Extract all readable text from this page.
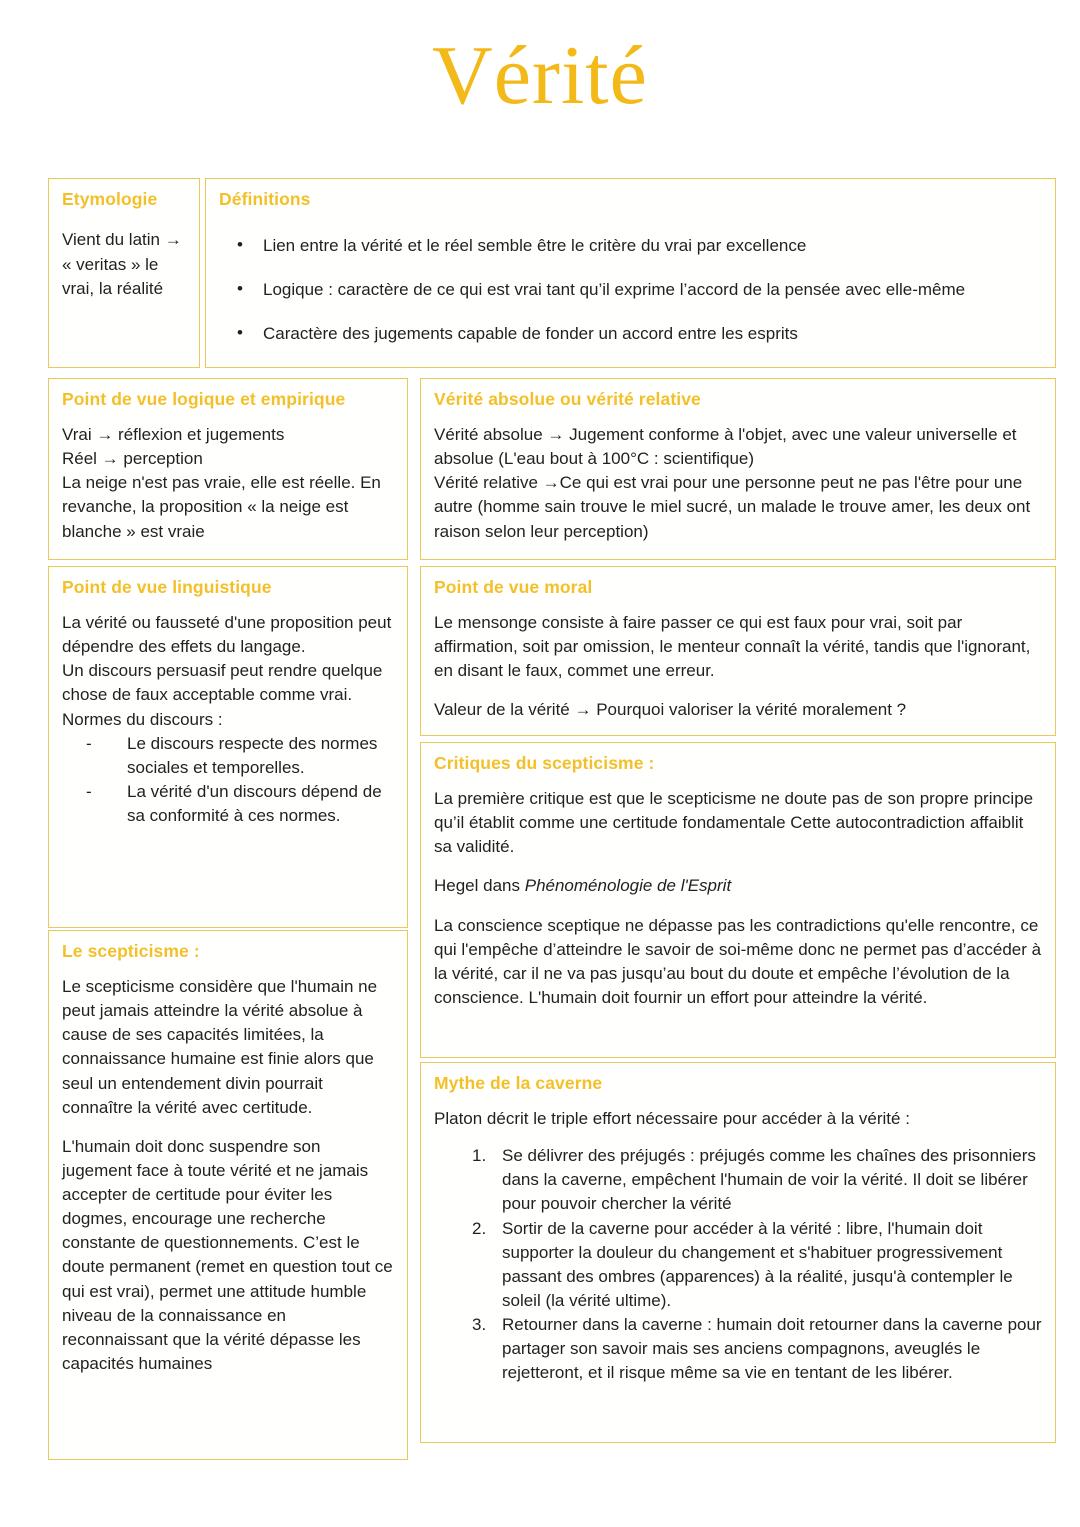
Vérité
Etymologie
Vient du latin → « veritas » le vrai, la réalité
Définitions
• Lien entre la vérité et le réel semble être le critère du vrai par excellence
• Logique : caractère de ce qui est vrai tant qu’il exprime l’accord de la pensée avec elle-même
• Caractère des jugements capable de fonder un accord entre les esprits
Point de vue logique et empirique
Vrai → réflexion et jugements
Réel → perception
La neige n'est pas vraie, elle est réelle. En revanche, la proposition « la neige est blanche » est vraie
Point de vue linguistique
La vérité ou fausseté d'une proposition peut dépendre des effets du langage.
Un discours persuasif peut rendre quelque chose de faux acceptable comme vrai.
Normes du discours :
- Le discours respecte des normes sociales et temporelles.
- La vérité d'un discours dépend de sa conformité à ces normes.
Le scepticisme :

Le scepticisme considère que l'humain ne peut jamais atteindre la vérité absolue à cause de ses capacités limitées, la connaissance humaine est finie alors que seul un entendement divin pourrait connaître la vérité avec certitude.

L'humain doit donc suspendre son jugement face à toute vérité et ne jamais accepter de certitude pour éviter les dogmes, encourage une recherche constante de questionnements. C’est le doute permanent (remet en question tout ce qui est vrai), permet une attitude humble niveau de la connaissance en reconnaissant que la vérité dépasse les capacités humaines

Vérité absolue ou vérité relative
Vérité absolue → Jugement conforme à l'objet, avec une valeur universelle et absolue (L'eau bout à 100°C : scientifique)
Vérité relative →Ce qui est vrai pour une personne peut ne pas l'être pour une autre (homme sain trouve le miel sucré, un malade le trouve amer, les deux ont raison selon leur perception)
Point de vue moral

Le mensonge consiste à faire passer ce qui est faux pour vrai, soit par affirmation, soit par omission, le menteur connaît la vérité, tandis que l'ignorant, en disant le faux, commet une erreur.

Valeur de la vérité → Pourquoi valoriser la vérité moralement ?

Critiques du scepticisme :

La première critique est que le scepticisme ne doute pas de son propre principe qu’il établit comme une certitude fondamentale Cette autocontradiction affaiblit sa validité.

Hegel dans Phénoménologie de l'Esprit

La conscience sceptique ne dépasse pas les contradictions qu'elle rencontre, ce qui l'empêche d’atteindre le savoir de soi-même donc ne permet pas d’accéder à la vérité, car il ne va pas jusqu’au bout du doute et empêche l’évolution de la conscience. L'humain doit fournir un effort pour atteindre la vérité.

Mythe de la caverne

Platon décrit le triple effort nécessaire pour accéder à la vérité :

Se délivrer des préjugés : préjugés comme les chaînes des prisonniers dans la caverne, empêchent l'humain de voir la vérité. Il doit se libérer pour pouvoir chercher la vérité
Sortir de la caverne pour accéder à la vérité : libre, l'humain doit supporter la douleur du changement et s'habituer progressivement passant des ombres (apparences) à la réalité, jusqu'à contempler le soleil (la vérité ultime).
Retourner dans la caverne : humain doit retourner dans la caverne pour partager son savoir mais ses anciens compagnons, aveuglés le rejetteront, et il risque même sa vie en tentant de les libérer.
